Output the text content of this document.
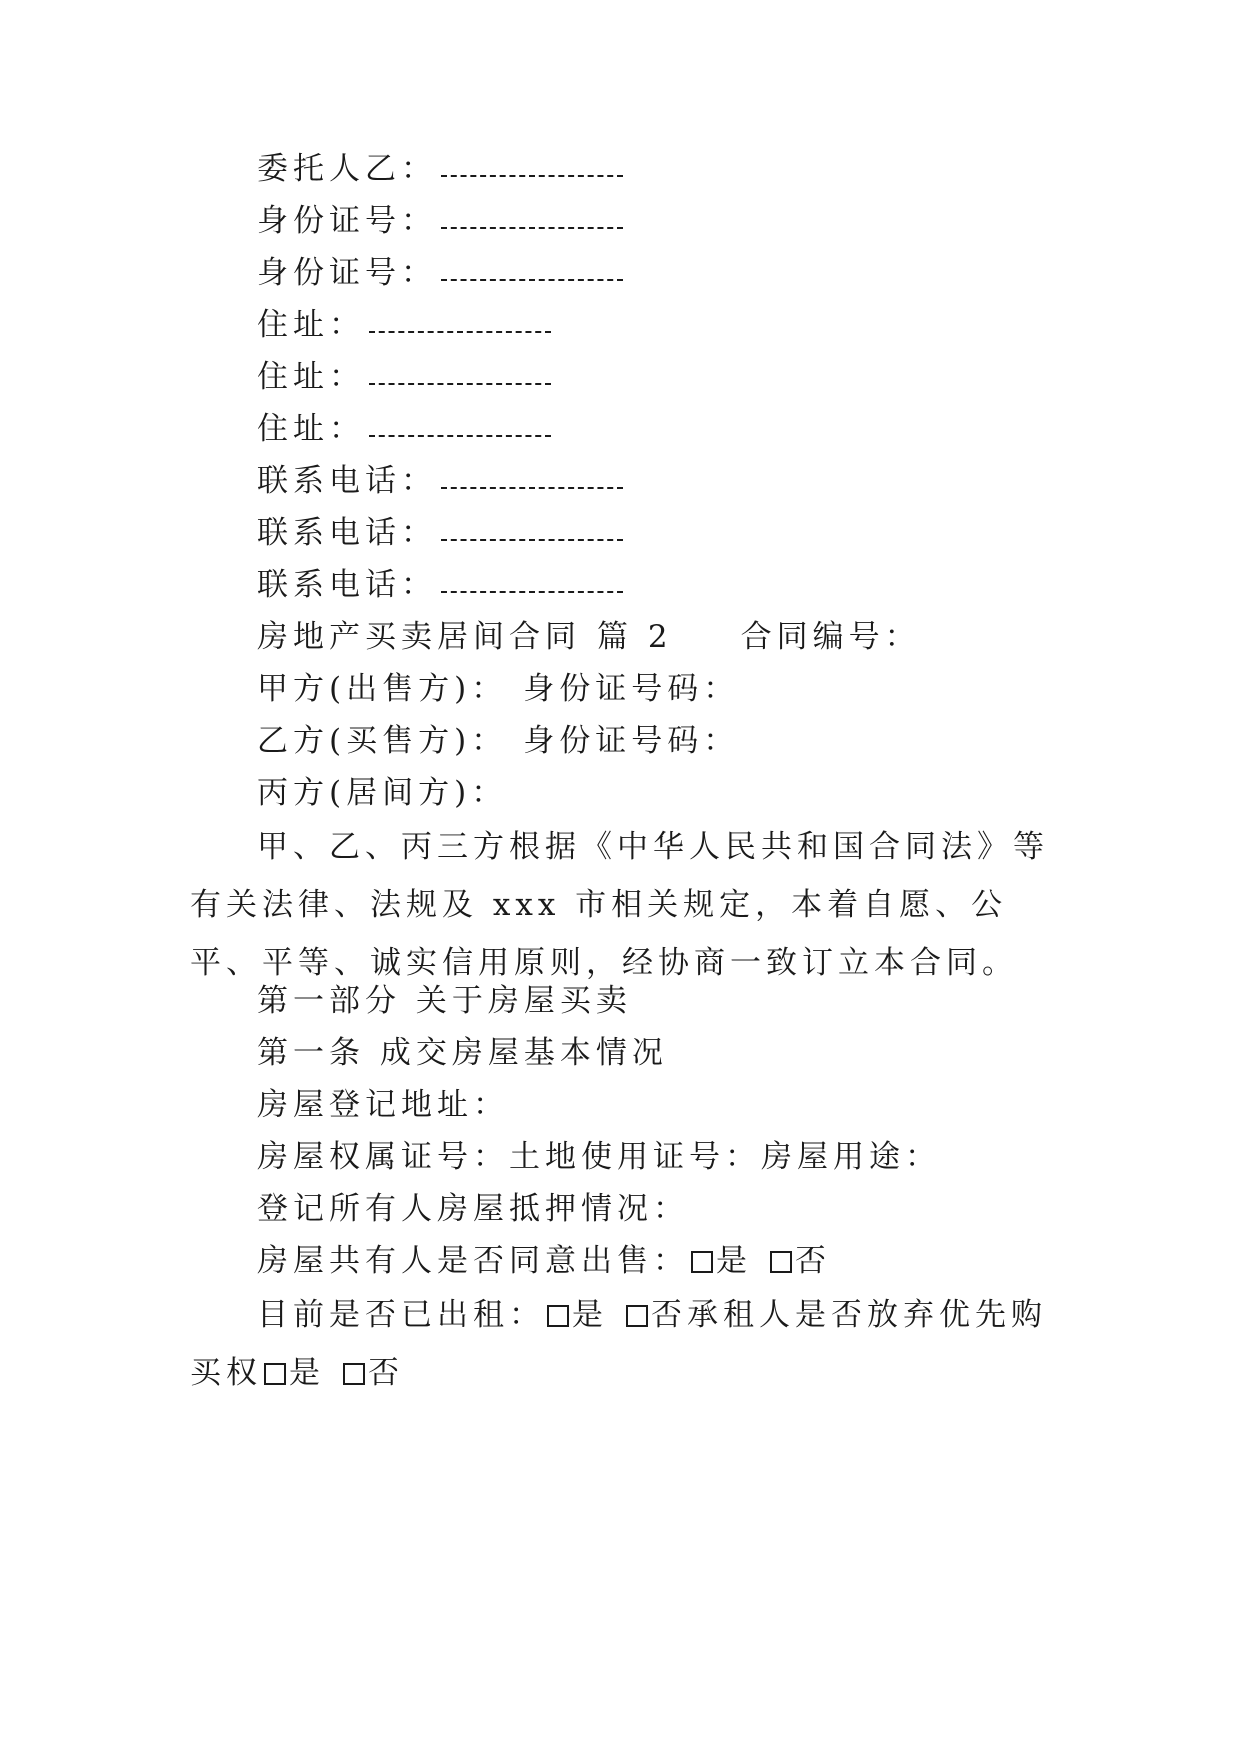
委托人乙：
身份证号：
身份证号：
住址：
住址：
住址：
联系电话：
联系电话：
联系电话：
房地产买卖居间合同 篇 2 合同编号：
甲方(出售方)： 身份证号码：
乙方(买售方)： 身份证号码：
丙方(居间方)：
甲、乙、丙三方根据《中华人民共和国合同法》等有关法律、法规及 xxx 市相关规定，本着自愿、公平、平等、诚实信用原则，经协商一致订立本合同。
第一部分 关于房屋买卖
第一条 成交房屋基本情况
房屋登记地址：
房屋权属证号：土地使用证号：房屋用途：
登记所有人房屋抵押情况：
房屋共有人是否同意出售： 是 否
目前是否已出租： 是 否承租人是否放弃优先购买权 是 否
